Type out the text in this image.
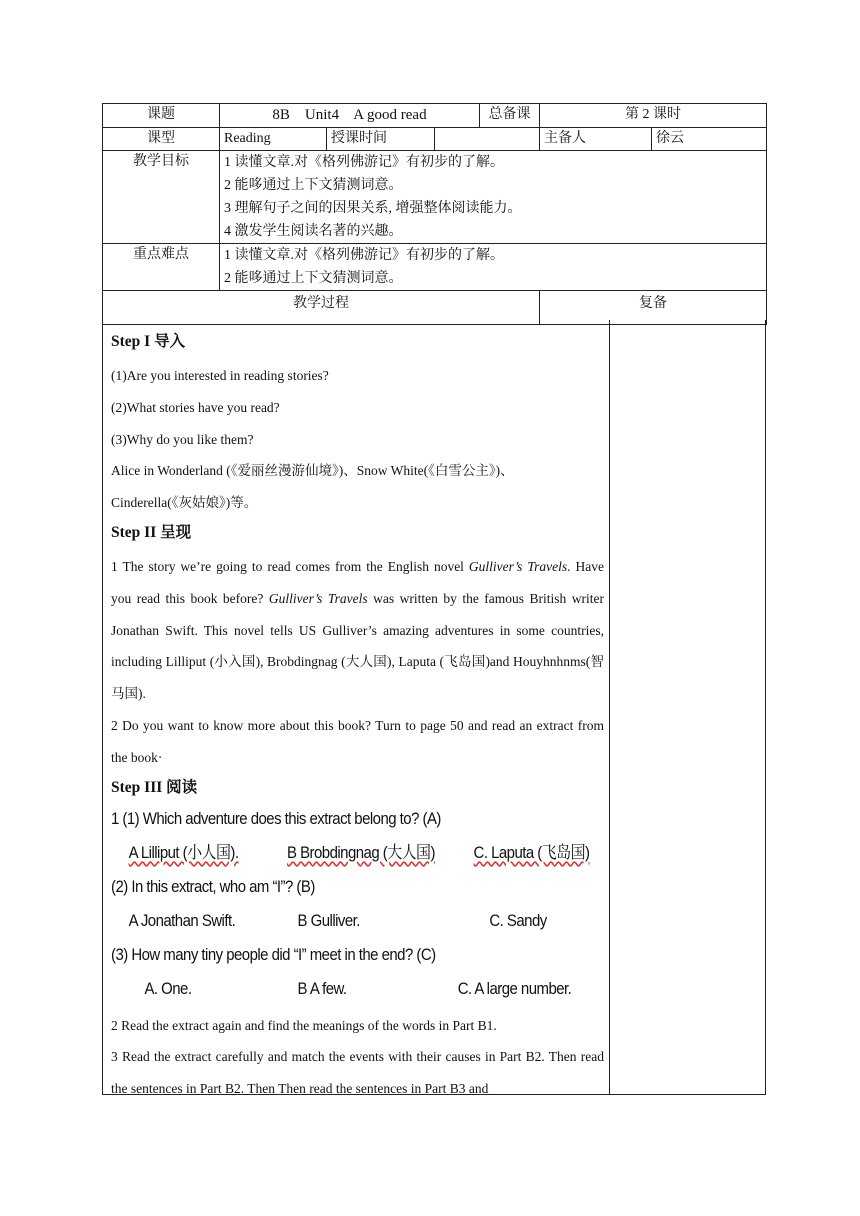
课题	8B    Unit4    A good read			总备课	第 2 课时	
课型	Reading	授课时间			主备人	徐云
教学目标	1 读懂文章.对《格列佛游记》有初步的了解。
2 能哆通过上下文猜测词意。
3 理解句子之间的因果关系, 增强整体阅读能力。
4 激发学生阅读名著的兴趣。					

重点难点	1 读懂文章.对《格列佛游记》有初步的了解。
2 能哆通过上下文猜测词意。					

教学过程					复备	
Step I 导入
(1)Are you interested in reading stories?
(2)What stories have you read?
(3)Why do you like them?
Alice in Wonderland (《爱丽丝漫游仙境》)、Snow White(《白雪公主》)、
Cinderella(《灰姑娘》)等。
Step II 呈现
1 The story we’re going to read comes from the English novel Gulliver’s Travels. Have you read this book before? Gulliver’s Travels was written by the famous British writer Jonathan Swift. This novel tells US Gulliver’s amazing adventures in some countries, including Lilliput (小入国), Brobdingnag (大人国), Laputa (飞岛国)and Houyhnhnms(智马国).
2 Do you want to know more about this book? Turn to page 50 and read an extract from the book·
Step III 阅读
1 (1) Which adventure does this extract belong to? (A)
A Lilliput (小人国).	B Brobdingnag (大人国) C. Laputa (飞岛国)
(2) In this extract, who am “I”? (B)
A Jonathan Swift.	B Gulliver.	C. Sandy
(3) How many tiny people did “I” meet in the end? (C)
A. One.	B A few.	C. A large number.
2 Read the extract again and find the meanings of the words in Part B1.
3 Read the extract carefully and match the events with their causes in Part B2. Then read the sentences in Part B2. Then Then read the sentences in Part B3 and
